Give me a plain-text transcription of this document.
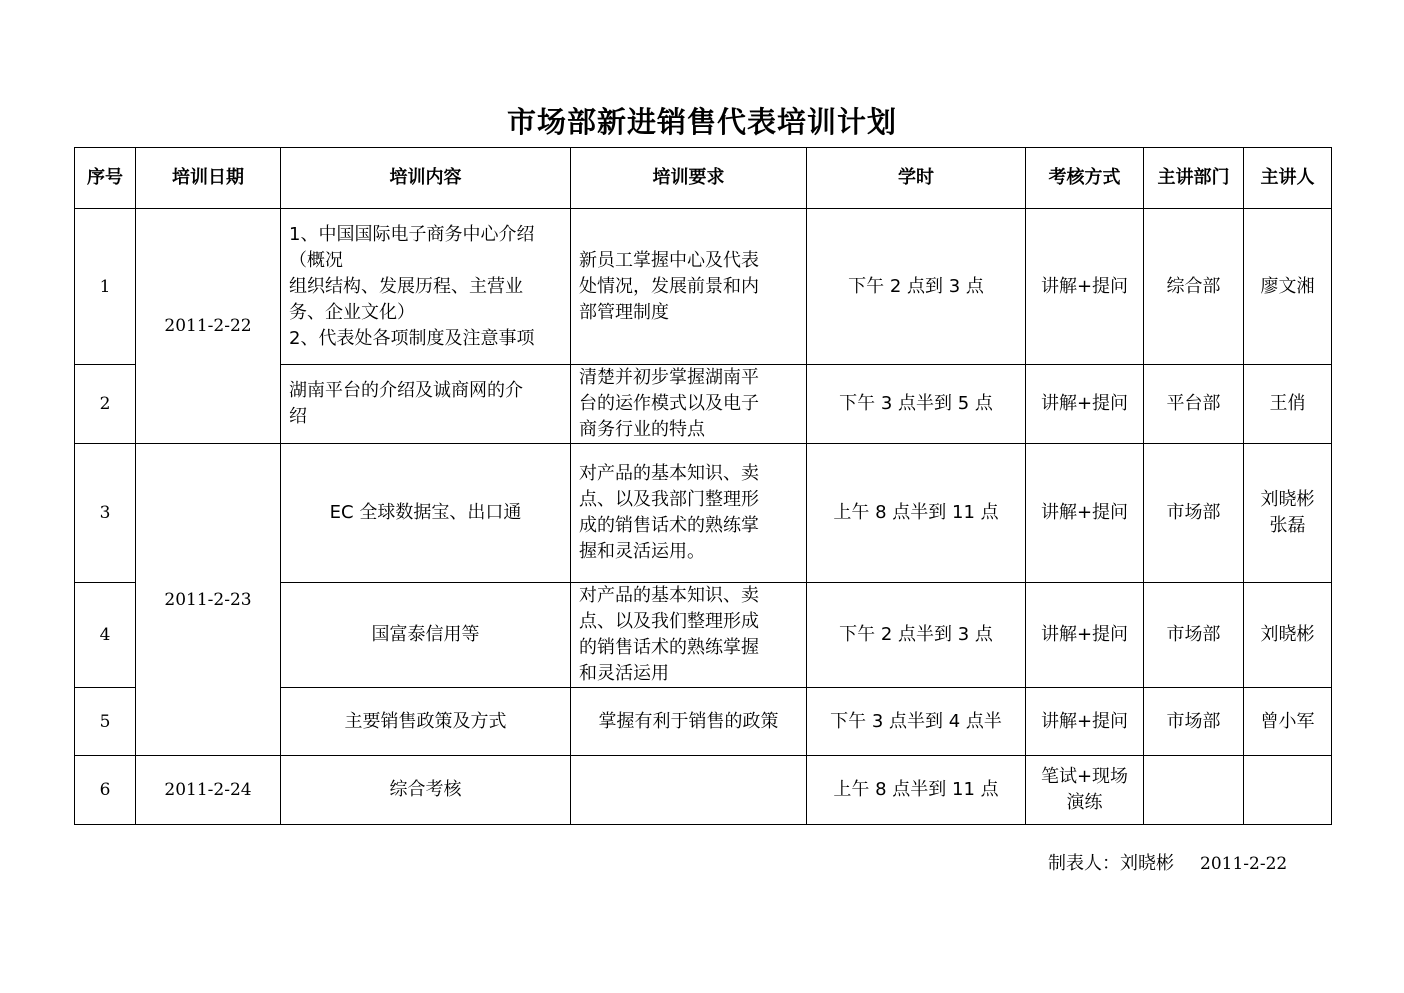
市场部新进销售代表培训计划
序号	培训日期	培训内容	培训要求	学时	考核方式	主讲部门	主讲人
1	2011-2-22	1、中国国际电子商务中心介绍
（概况
组织结构、发展历程、主营业
务、企业文化）
2、代表处各项制度及注意事项	新员工掌握中心及代表
处情况，发展前景和内
部管理制度	下午 2 点到 3 点	讲解+提问	综合部	廖文湘

2		湖南平台的介绍及诚商网的介
绍	清楚并初步掌握湖南平
台的运作模式以及电子
商务行业的特点	下午 3 点半到 5 点	讲解+提问	平台部	王俏

3	2011-2-23	EC 全球数据宝、出口通	对产品的基本知识、卖
点、以及我部门整理形
成的销售话术的熟练掌
握和灵活运用。	上午 8 点半到 11 点	讲解+提问	市场部	刘晓彬
张磊

4		国富泰信用等	对产品的基本知识、卖
点、以及我们整理形成
的销售话术的熟练掌握
和灵活运用	下午 2 点半到 3 点	讲解+提问	市场部	刘晓彬

5		主要销售政策及方式	掌握有利于销售的政策	下午 3 点半到 4 点半	讲解+提问	市场部	曾小军

6	2011-2-24	综合考核		上午 8 点半到 11 点	笔试+现场
演练		

制表人：刘晓彬 2011-2-22
